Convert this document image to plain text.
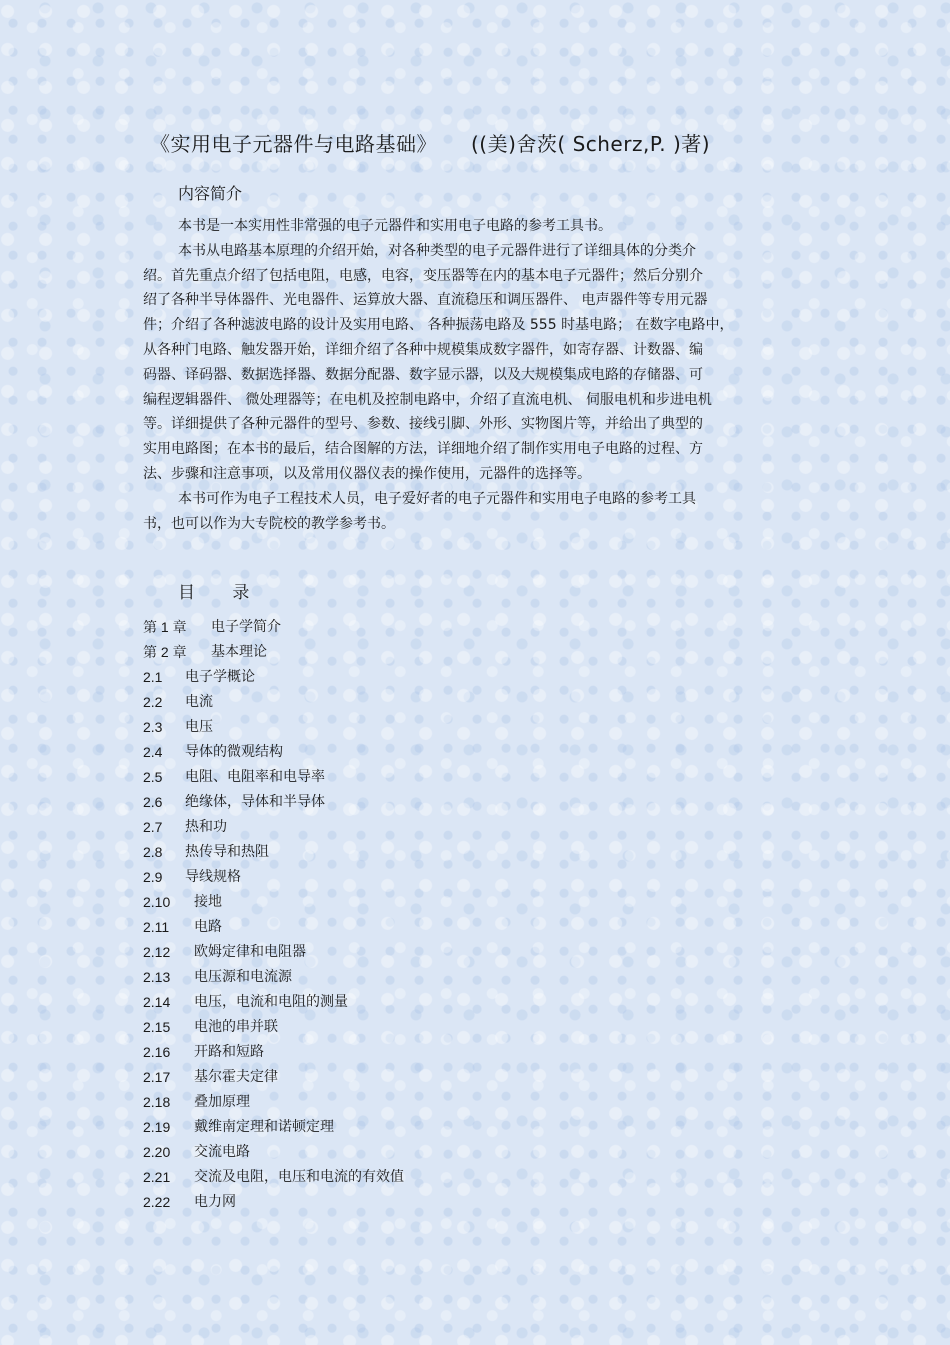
《实用电子元器件与电路基础》 ((美)舍茨( Scherz,P. )著)
内容简介
本书是一本实用性非常强的电子元器件和实用电子电路的参考工具书。
本书从电路基本原理的介绍开始，对各种类型的电子元器件进行了详细具体的分类介
绍。首先重点介绍了包括电阻，电感，电容，变压器等在内的基本电子元器件；然后分别介
绍了各种半导体器件、光电器件、运算放大器、直流稳压和调压器件、 电声器件等专用元器
件；介绍了各种滤波电路的设计及实用电路、 各种振荡电路及 555 时基电路； 在数字电路中，
从各种门电路、触发器开始，详细介绍了各种中规模集成数字器件，如寄存器、计数器、编
码器、译码器、数据选择器、数据分配器、数字显示器，以及大规模集成电路的存储器、可
编程逻辑器件、 微处理器等；在电机及控制电路中，介绍了直流电机、 伺服电机和步进电机
等。详细提供了各种元器件的型号、参数、接线引脚、外形、实物图片等，并给出了典型的
实用电路图；在本书的最后，结合图解的方法，详细地介绍了制作实用电子电路的过程、方
法、步骤和注意事项，以及常用仪器仪表的操作使用，元器件的选择等。
本书可作为电子工程技术人员，电子爱好者的电子元器件和实用电子电路的参考工具
书，也可以作为大专院校的教学参考书。
目 录
第 1 章	电子学简介
第 2 章	基本理论
2.1	电子学概论
2.2	电流
2.3	电压
2.4	导体的微观结构
2.5	电阻、电阻率和电导率
2.6	绝缘体，导体和半导体
2.7	热和功
2.8	热传导和热阻
2.9	导线规格
2.10	接地
2.11	电路
2.12	欧姆定律和电阻器
2.13	电压源和电流源
2.14	电压，电流和电阻的测量
2.15	电池的串并联
2.16	开路和短路
2.17	基尔霍夫定律
2.18	叠加原理
2.19	戴维南定理和诺顿定理
2.20	交流电路
2.21	交流及电阻，电压和电流的有效值
2.22	电力网
